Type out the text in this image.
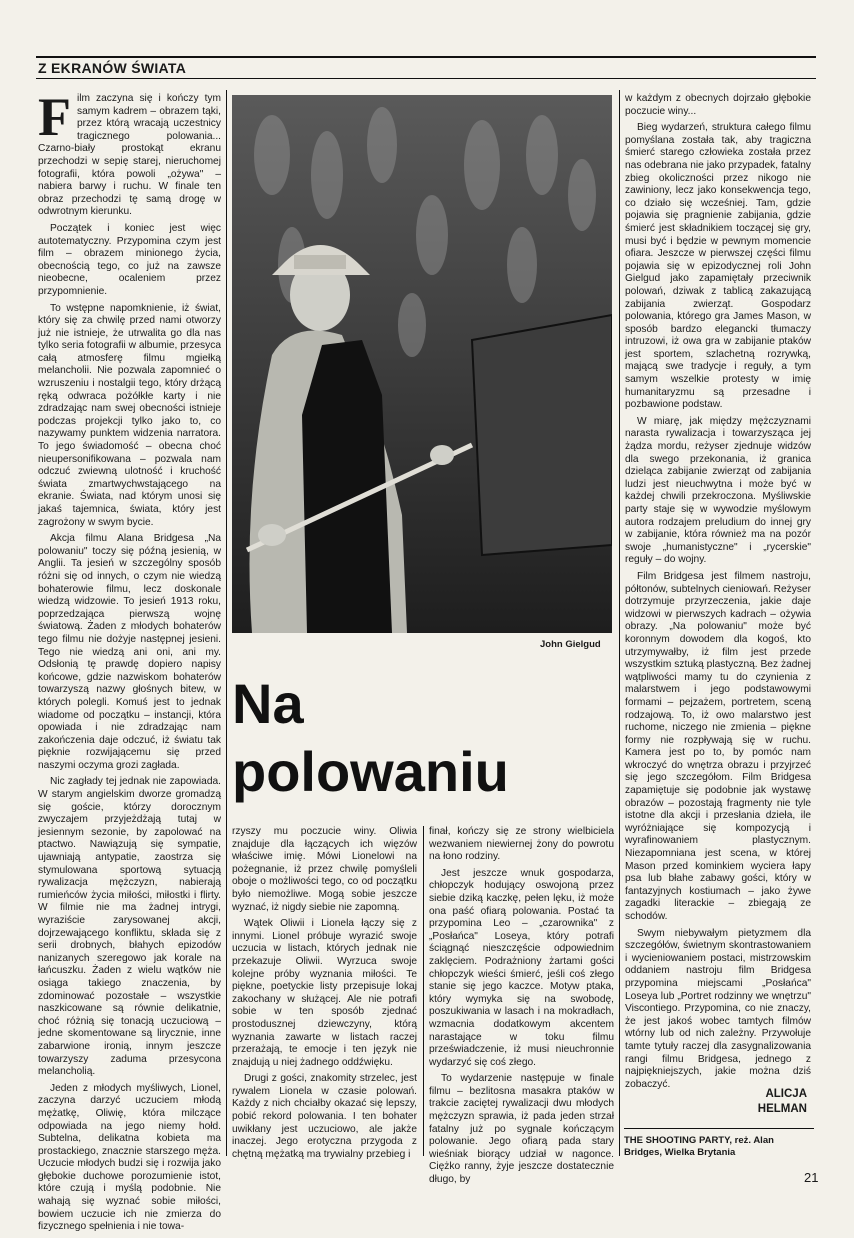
Z EKRANÓW ŚWIATA

Film zaczyna się i kończy tym samym kadrem – obrazem tąki, przez którą wracają uczestnicy tragicznego polowania... Czarno-biały prostokąt ekranu przechodzi w sepię starej, nieruchomej fotografii, która powoli „ożywa" – nabiera barwy i ruchu. W finale ten obraz przechodzi tę samą drogę w odwrotnym kierunku.

Początek i koniec jest więc autotematyczny. Przypomina czym jest film – obrazem minionego życia, obecnością tego, co już na zawsze nieobecne, ocaleniem przez przypomnienie.

To wstępne napomknienie, iż świat, który się za chwilę przed nami otworzy już nie istnieje, że utrwalita go dla nas tylko seria fotografii w albumie, przesyca całą atmosferę filmu mgiełką melancholii. Nie pozwala zapomnieć o wzruszeniu i nostalgii tego, który drżącą ręką odwraca pożółkłe karty i nie zdradzając nam swej obecności istnieje podczas projekcji tylko jako to, co nazywamy punktem widzenia narratora. To jego świadomość – obecna choć nieupersonifikowana – pozwala nam odczuć zwiewną ulotność i kruchość świata zmartwychwstającego na ekranie. Świata, nad którym unosi się jakaś tajemnica, świata, który jest zagrożony w swym bycie.

Akcja filmu Alana Bridgesa „Na polowaniu" toczy się późną jesienią, w Anglii. Ta jesień w szczególny sposób różni się od innych, o czym nie wiedzą bohaterowie filmu, lecz doskonale wiedzą widzowie. To jesień 1913 roku, poprzedzająca pierwszą wojnę światową. Żaden z młodych bohaterów tego filmu nie dożyje następnej jesieni. Tego nie wiedzą ani oni, ani my. Odsłonią tę prawdę dopiero napisy końcowe, gdzie nazwiskom bohaterów towarzyszą nazwy głośnych bitew, w których polegli. Komuś jest to jednak wiadome od początku – instancji, która opowiada i nie zdradzając nam zakończenia daje odczuć, iż światu tak pięknie rozwijającemu się przed naszymi oczyma grozi zagłada.

Nic zagłady tej jednak nie zapowiada. W starym angielskim dworze gromadzą się goście, którzy dorocznym zwyczajem przyjeżdżają tutaj w jesiennym sezonie, by zapolować na ptactwo. Nawiązują się sympatie, ujawniają antypatie, zaostrza się stymulowana sportową sytuacją rywalizacja mężczyzn, nabierają rumieńców życia miłości, miłostki i flirty. W filmie nie ma żadnej intrygi, wyraziście zarysowanej akcji, dojrzewającego konfliktu, składa się z serii drobnych, błahych epizodów nanizanych szeregowo jak korale na łańcuszku. Żaden z wielu wątków nie osiąga takiego znaczenia, by zdominować pozostałe – wszystkie naszkicowane są równie delikatnie, choć różnią się tonacją uczuciową – jedne skomentowane są lirycznie, inne zabarwione ironią, innym jeszcze towarzyszy zaduma przesycona melancholią.

Jeden z młodych myśliwych, Lionel, zaczyna darzyć uczuciem młodą mężatkę, Oliwię, która milczące odpowiada na jego niemy hołd. Subtelna, delikatna kobieta ma prostackiego, znacznie starszego męża. Uczucie młodych budzi się i rozwija jako głębokie duchowe porozumienie istot, które czują i myślą podobnie. Nie wahają się wyznać sobie miłości, bowiem uczucie ich nie zmierza do fizycznego spełnienia i nie towa-

John Gielgud
Na
polowaniu

rzyszy mu poczucie winy. Oliwia znajduje dla łączących ich więzów właściwe imię. Mówi Lionelowi na pożegnanie, iż przez chwilę pomyśleli oboje o możliwości tego, co od początku było niemożliwe. Mogą sobie jeszcze wyznać, iż nigdy siebie nie zapomną.

Wątek Oliwii i Lionela łączy się z innymi. Lionel próbuje wyrazić swoje uczucia w listach, których jednak nie przekazuje Oliwii. Wyrzuca swoje kolejne próby wyznania miłości. Te piękne, poetyckie listy przepisuje lokaj zakochany w służącej. Ale nie potrafi sobie w ten sposób zjednać prostodusznej dziewczyny, którą wyznania zawarte w listach raczej przerażają, te emocje i ten język nie znajdują u niej żadnego oddźwięku.

Drugi z gości, znakomity strzelec, jest rywalem Lionela w czasie polowań. Każdy z nich chciałby okazać się lepszy, pobić rekord polowania. I ten bohater uwikłany jest uczuciowo, ale jakże inaczej. Jego erotyczna przygoda z chętną mężatką ma trywialny przebieg i

finał, kończy się ze strony wielbiciela wezwaniem niewiernej żony do powrotu na łono rodziny.

Jest jeszcze wnuk gospodarza, chłopczyk hodujący oswojoną przez siebie dziką kaczkę, pełen lęku, iż może ona paść ofiarą polowania. Postać ta przypomina Leo – „czarownika" z „Posłańca" Loseya, który potrafi ściągnąć nieszczęście odpowiednim zaklęciem. Podrażniony żartami gości chłopczyk wieści śmierć, jeśli coś złego stanie się jego kaczce. Motyw ptaka, który wymyka się na swobodę, poszukiwania w lasach i na mokradłach, wzmacnia dodatkowym akcentem narastające w toku filmu przeświadczenie, iż musi nieuchronnie wydarzyć się coś złego.

To wydarzenie następuje w finale filmu – bezlitosna masakra ptaków w trakcie zaciętej rywalizacji dwu młodych mężczyzn sprawia, iż pada jeden strzał fatalny już po sygnale kończącym polowanie. Jego ofiarą pada stary wieśniak biorący udział w nagonce. Ciężko ranny, żyje jeszcze dostatecznie długo, by

w każdym z obecnych dojrzało głębokie poczucie winy...

Bieg wydarzeń, struktura całego filmu pomyślana została tak, aby tragiczna śmierć starego człowieka została przez nas odebrana nie jako przypadek, fatalny zbieg okoliczności przez nikogo nie zawiniony, lecz jako konsekwencja tego, co działo się wcześniej. Tam, gdzie pojawia się pragnienie zabijania, gdzie śmierć jest składnikiem toczącej się gry, musi być i będzie w pewnym momencie ofiara. Jeszcze w pierwszej części filmu pojawia się w epizodycznej roli John Gielgud jako zapamiętały przeciwnik polowań, dziwak z tablicą zakazującą zabijania zwierząt. Gospodarz polowania, którego gra James Mason, w sposób bardzo elegancki tłumaczy intruzowi, iż owa gra w zabijanie ptaków jest sportem, szlachetną rozrywką, mającą swe tradycje i reguły, a tym samym wszelkie protesty w imię humanitaryzmu są przesadne i pozbawione podstaw.

W miarę, jak między mężczyznami narasta rywalizacja i towarzysząca jej żądza mordu, reżyser zjednuje widzów dla swego przekonania, iż granica dzieląca zabijanie zwierząt od zabijania ludzi jest nieuchwytna i może być w każdej chwili przekroczona. Myśliwskie party staje się w wywodzie myślowym autora rodzajem preludium do innej gry w zabijanie, która również ma na pozór swoje „humanistyczne" i „rycerskie" reguły – do wojny.

Film Bridgesa jest filmem nastroju, półtonów, subtelnych cieniowań. Reżyser dotrzymuje przyrzeczenia, jakie daje widzowi w pierwszych kadrach – ożywia obrazy. „Na polowaniu" może być koronnym dowodem dla kogoś, kto utrzymywałby, iż film jest przede wszystkim sztuką plastyczną. Bez żadnej wątpliwości mamy tu do czynienia z malarstwem i jego podstawowymi formami – pejzażem, portretem, sceną rodzajową. To, iż owo malarstwo jest ruchome, niczego nie zmienia – piękne formy nie rozpływają się w ruchu. Kamera jest po to, by pomóc nam wkroczyć do wnętrza obrazu i przyjrzeć się jego szczegółom. Film Bridgesa zapamiętuje się podobnie jak wystawę obrazów – pozostają fragmenty nie tyle istotne dla akcji i przesłania dzieła, ile wyróżniające się kompozycją i wyrafinowaniem plastycznym. Niezapomniana jest scena, w której Mason przed kominkiem wyciera łapy psa lub błahe zabawy gości, który w fantazyjnych kostiumach – jako żywe zagadki literackie – zbiegają ze schodów.

Swym niebywałym pietyzmem dla szczegółów, świetnym skontrastowaniem i wycieniowaniem postaci, mistrzowskim oddaniem nastroju film Bridgesa przypomina miejscami „Posłańca" Loseya lub „Portret rodzinny we wnętrzu" Viscontiego. Przypomina, co nie znaczy, że jest jakoś wobec tamtych filmów wtórny lub od nich zależny. Przywołuje tamte tytuły raczej dla zasygnalizowania rangi filmu Bridgesa, jednego z najpiękniejszych, jakie można dziś zobaczyć.

ALICJA
HELMAN
THE SHOOTING PARTY, reż. Alan Bridges, Wielka Brytania
21
